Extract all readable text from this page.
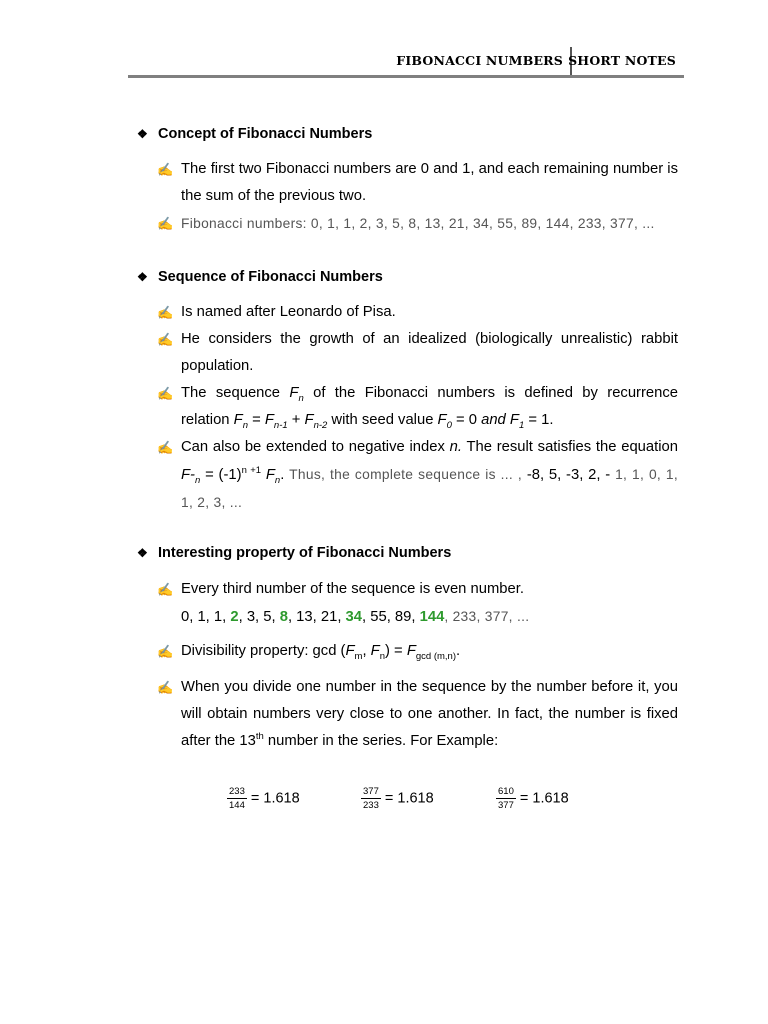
FIBONACCI NUMBERS SHORT NOTES
❖ Concept of Fibonacci Numbers
✍ The first two Fibonacci numbers are 0 and 1, and each remaining number is the sum of the previous two.
✍ Fibonacci numbers: 0, 1, 1, 2, 3, 5, 8, 13, 21, 34, 55, 89, 144, 233, 377, ...
❖ Sequence of Fibonacci Numbers
✍ Is named after Leonardo of Pisa.
✍ He considers the growth of an idealized (biologically unrealistic) rabbit population.
✍ The sequence $F_n$ of the Fibonacci numbers is defined by recurrence relation $F_n = F_{n-1} + F_{n-2}$ with seed value $F_0 = 0$ and $F_1 = 1$.
✍ Can also be extended to negative index n. The result satisfies the equation $F-_n = (-1)^{n +1}$ $F_n$. Thus, the complete sequence is ... , -8, 5, -3, 2, - 1, 1, 0, 1, 1, 2, 3, ...
❖ Interesting property of Fibonacci Numbers
✍ Every third number of the sequence is even number.
0, 1, 1, 2, 3, 5, 8, 13, 21, 34, 55, 89, 144, 233, 377, ...
✍ Divisibility property: $\gcd (F_m$, $F_n) = F_{gcd (m,n)}$.
✍ When you divide one number in the sequence by the number before it, you will obtain numbers very close to one another. In fact, the number is fixed after the 13th number in the series. For Example:
$\frac{233}{144} = 1.618$	$\frac{377}{233} = 1.618$	$\frac{610}{377} = 1.618$
